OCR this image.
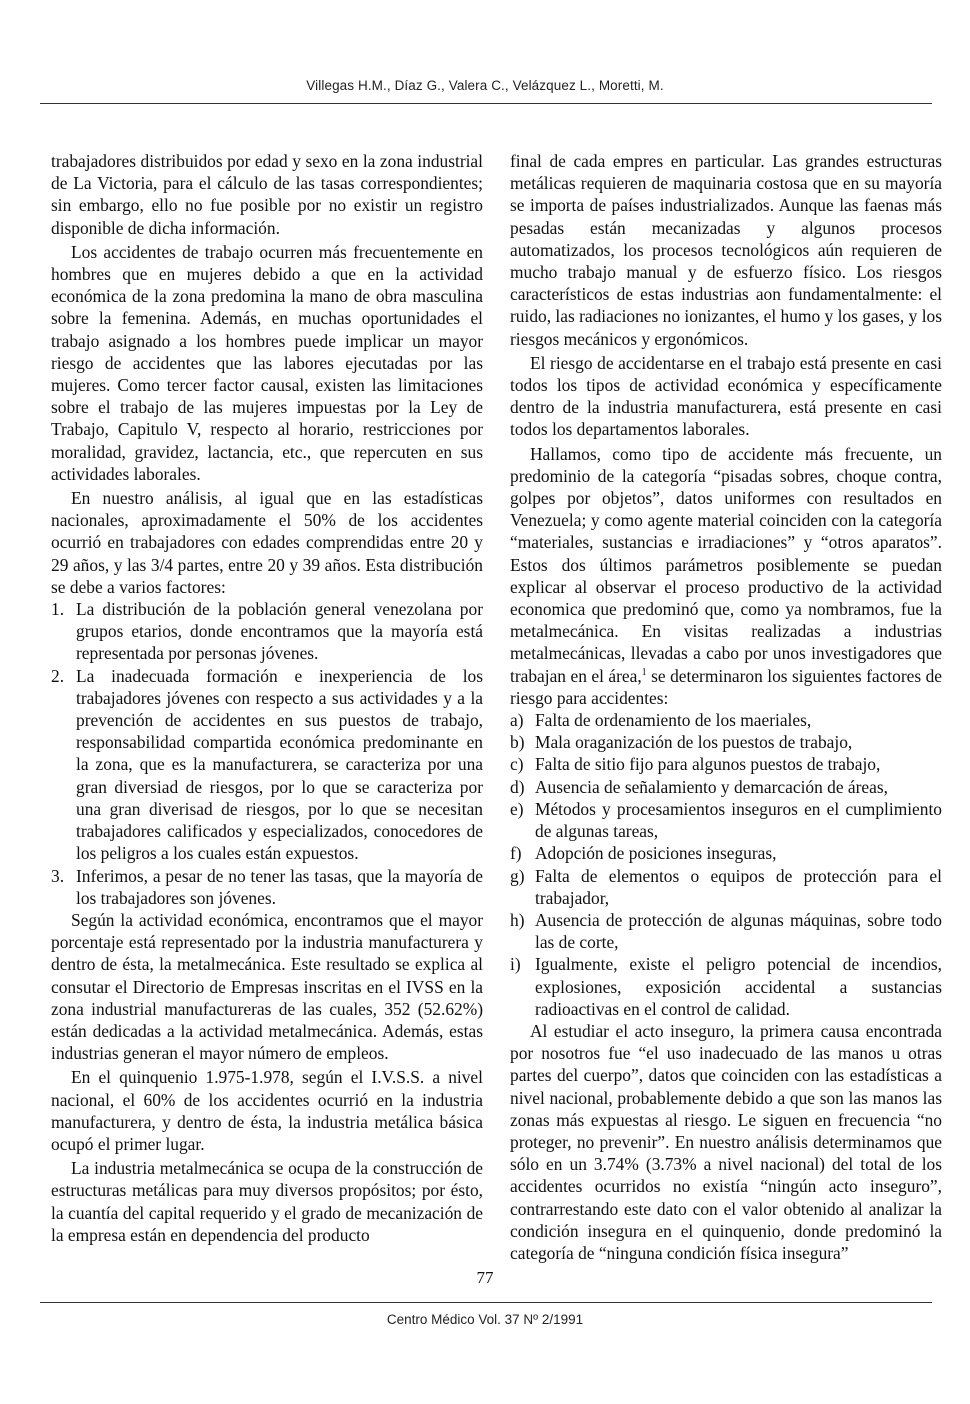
Villegas H.M., Díaz G., Valera C., Velázquez L., Moretti, M.

trabajadores distribuidos por edad y sexo en la zona industrial de La Victoria, para el cálculo de las tasas correspondientes; sin embargo, ello no fue posible por no existir un registro disponible de dicha información.

Los accidentes de trabajo ocurren más frecuentemente en hombres que en mujeres debido a que en la actividad económica de la zona predomina la mano de obra masculina sobre la femenina. Además, en muchas oportunidades el trabajo asignado a los hombres puede implicar un mayor riesgo de accidentes que las labores ejecutadas por las mujeres. Como tercer factor causal, existen las limitaciones sobre el trabajo de las mujeres impuestas por la Ley de Trabajo, Capitulo V, respecto al horario, restricciones por moralidad, gravidez, lactancia, etc., que repercuten en sus actividades laborales.

En nuestro análisis, al igual que en las estadísticas nacionales, aproximadamente el 50% de los accidentes ocurrió en trabajadores con edades comprendidas entre 20 y 29 años, y las 3/4 partes, entre 20 y 39 años. Esta distribución se debe a varios factores:

1. La distribución de la población general venezolana por grupos etarios, donde encontramos que la mayoría está representada por personas jóvenes.
2. La inadecuada formación e inexperiencia de los trabajadores jóvenes con respecto a sus actividades y a la prevención de accidentes en sus puestos de trabajo, responsabilidad compartida económica predominante en la zona, que es la manufacturera, se caracteriza por una gran diversiad de riesgos, por lo que se caracteriza por una gran diverisad de riesgos, por lo que se necesitan trabajadores calificados y especializados, conocedores de los peligros a los cuales están expuestos.
3. Inferimos, a pesar de no tener las tasas, que la mayoría de los trabajadores son jóvenes.

Según la actividad económica, encontramos que el mayor porcentaje está representado por la industria manufacturera y dentro de ésta, la metalmecánica. Este resultado se explica al consutar el Directorio de Empresas inscritas en el IVSS en la zona industrial manufactureras de las cuales, 352 (52.62%) están dedicadas a la actividad metalmecánica. Además, estas industrias generan el mayor número de empleos.

En el quinquenio 1.975-1.978, según el I.V.S.S. a nivel nacional, el 60% de los accidentes ocurrió en la industria manufacturera, y dentro de ésta, la industria metálica básica ocupó el primer lugar.

La industria metalmecánica se ocupa de la construcción de estructuras metálicas para muy diversos propósitos; por ésto, la cuantía del capital requerido y el grado de mecanización de la empresa están en dependencia del producto

final de cada empres en particular. Las grandes estructuras metálicas requieren de maquinaria costosa que en su mayoría se importa de países industrializados. Aunque las faenas más pesadas están mecanizadas y algunos procesos automatizados, los procesos tecnológicos aún requieren de mucho trabajo manual y de esfuerzo físico. Los riesgos característicos de estas industrias aon fundamentalmente: el ruido, las radiaciones no ionizantes, el humo y los gases, y los riesgos mecánicos y ergonómicos.

El riesgo de accidentarse en el trabajo está presente en casi todos los tipos de actividad económica y específicamente dentro de la industria manufacturera, está presente en casi todos los departamentos laborales.

Hallamos, como tipo de accidente más frecuente, un predominio de la categoría “pisadas sobres, choque contra, golpes por objetos”, datos uniformes con resultados en Venezuela; y como agente material coinciden con la categoría “materiales, sustancias e irradiaciones” y “otros aparatos”. Estos dos últimos parámetros posiblemente se puedan explicar al observar el proceso productivo de la actividad economica que predominó que, como ya nombramos, fue la metalmecánica. En visitas realizadas a industrias metalmecánicas, llevadas a cabo por unos investigadores que trabajan en el área,$^1$ se determinaron los siguientes factores de riesgo para accidentes:

a) Falta de ordenamiento de los maeriales,
b) Mala oraganización de los puestos de trabajo,
c) Falta de sitio fijo para algunos puestos de trabajo,
d) Ausencia de señalamiento y demarcación de áreas,
e) Métodos y procesamientos inseguros en el cumplimiento de algunas tareas,
f) Adopción de posiciones inseguras,
g) Falta de elementos o equipos de protección para el trabajador,
h) Ausencia de protección de algunas máquinas, sobre todo las de corte,
i) Igualmente, existe el peligro potencial de incendios, explosiones, exposición accidental a sustancias radioactivas en el control de calidad.

Al estudiar el acto inseguro, la primera causa encontrada por nosotros fue “el uso inadecuado de las manos u otras partes del cuerpo”, datos que coinciden con las estadísticas a nivel nacional, probablemente debido a que son las manos las zonas más expuestas al riesgo. Le siguen en frecuencia “no proteger, no prevenir”. En nuestro análisis determinamos que sólo en un 3.74% (3.73% a nivel nacional) del total de los accidentes ocurridos no existía “ningún acto inseguro”, contrarrestando este dato con el valor obtenido al analizar la condición insegura en el quinquenio, donde predominó la categoría de “ninguna condición física insegura”

77
Centro Médico Vol. 37 Nº 2/1991
